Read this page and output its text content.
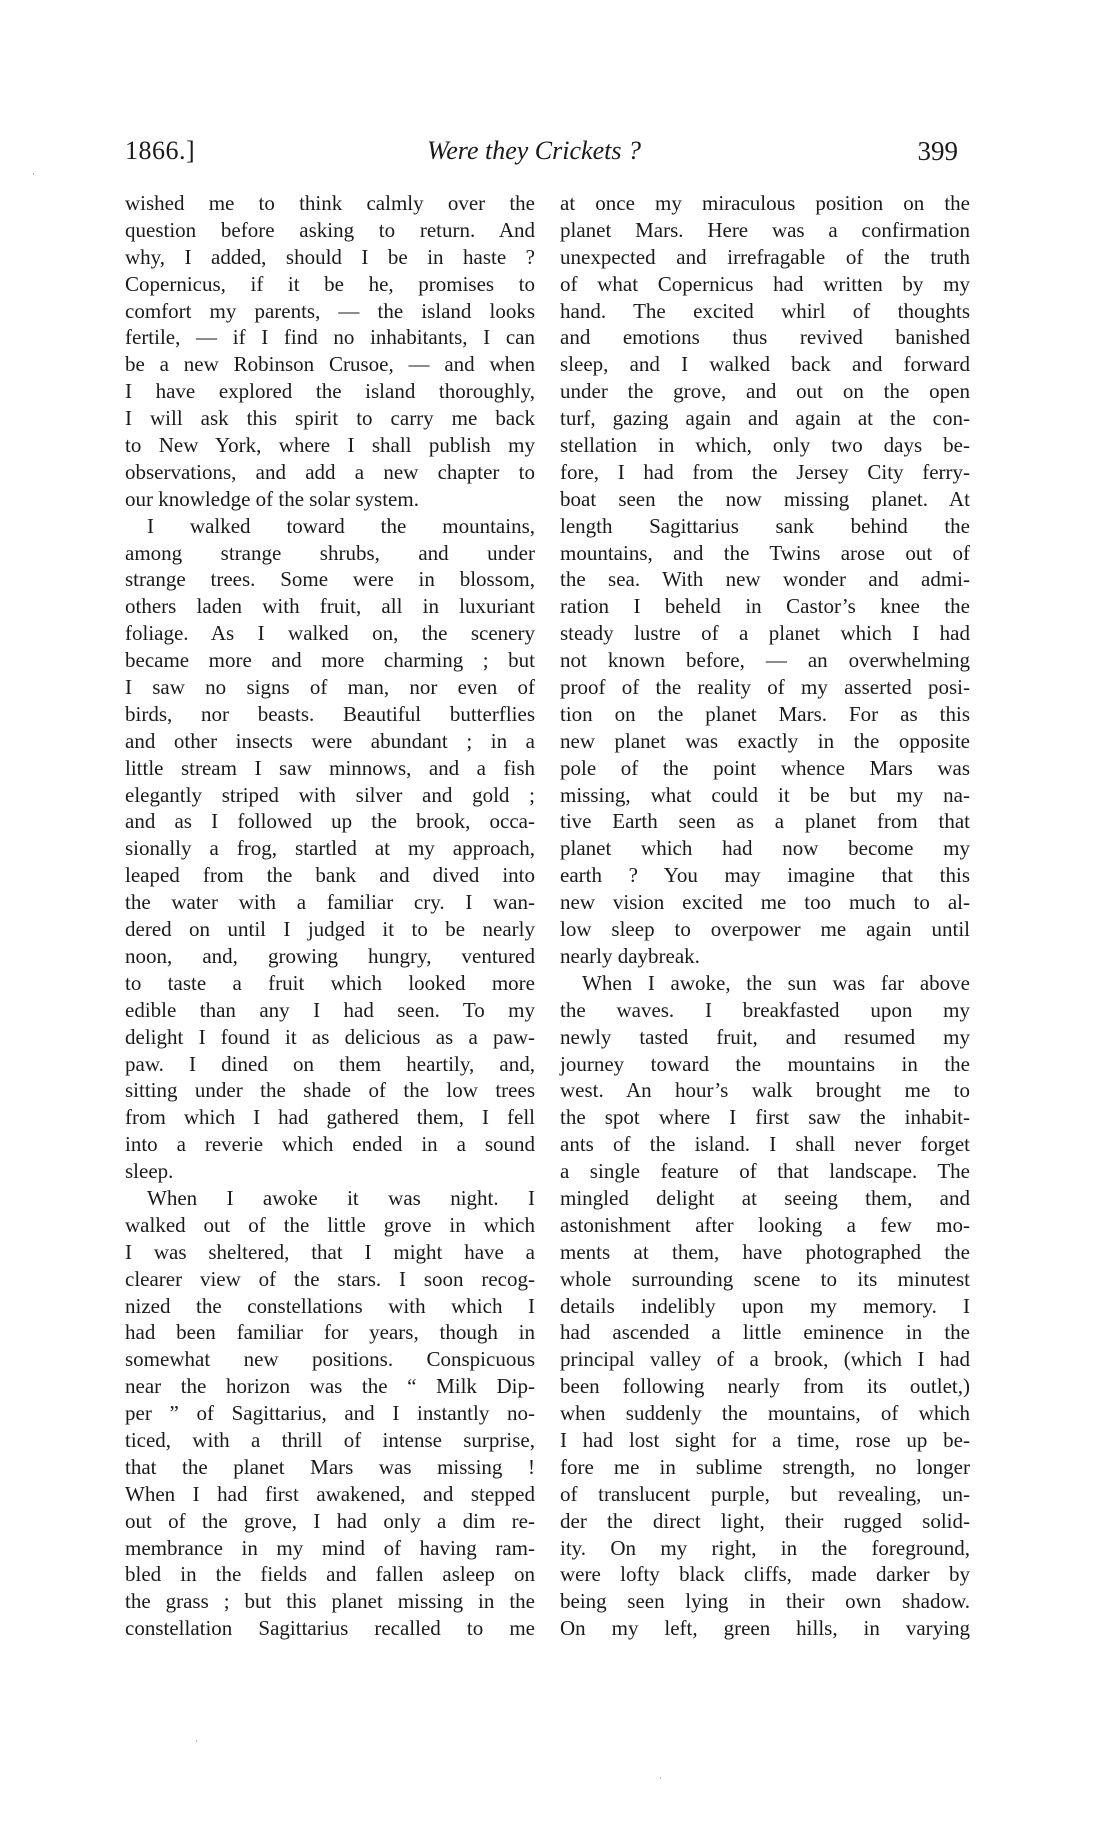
1866.]	Were they Crickets ?	399
wished me to think calmly over the
question before asking to return. And
why, I added, should I be in haste ?
Copernicus, if it be he, promises to
comfort my parents, — the island looks
fertile, — if I find no inhabitants, I can
be a new Robinson Crusoe, — and when
I have explored the island thoroughly,
I will ask this spirit to carry me back
to New York, where I shall publish my
observations, and add a new chapter to
our knowledge of the solar system.
I walked toward the mountains,
among strange shrubs, and under
strange trees. Some were in blossom,
others laden with fruit, all in luxuriant
foliage. As I walked on, the scenery
became more and more charming ; but
I saw no signs of man, nor even of
birds, nor beasts. Beautiful butterflies
and other insects were abundant ; in a
little stream I saw minnows, and a fish
elegantly striped with silver and gold ;
and as I followed up the brook, occa-
sionally a frog, startled at my approach,
leaped from the bank and dived into
the water with a familiar cry. I wan-
dered on until I judged it to be nearly
noon, and, growing hungry, ventured
to taste a fruit which looked more
edible than any I had seen. To my
delight I found it as delicious as a paw-
paw. I dined on them heartily, and,
sitting under the shade of the low trees
from which I had gathered them, I fell
into a reverie which ended in a sound
sleep.
When I awoke it was night. I
walked out of the little grove in which
I was sheltered, that I might have a
clearer view of the stars. I soon recog-
nized the constellations with which I
had been familiar for years, though in
somewhat new positions. Conspicuous
near the horizon was the “ Milk Dip-
per ” of Sagittarius, and I instantly no-
ticed, with a thrill of intense surprise,
that the planet Mars was missing !
When I had first awakened, and stepped
out of the grove, I had only a dim re-
membrance in my mind of having ram-
bled in the fields and fallen asleep on
the grass ; but this planet missing in the
constellation Sagittarius recalled to me
at once my miraculous position on the
planet Mars. Here was a confirmation
unexpected and irrefragable of the truth
of what Copernicus had written by my
hand. The excited whirl of thoughts
and emotions thus revived banished
sleep, and I walked back and forward
under the grove, and out on the open
turf, gazing again and again at the con-
stellation in which, only two days be-
fore, I had from the Jersey City ferry-
boat seen the now missing planet. At
length Sagittarius sank behind the
mountains, and the Twins arose out of
the sea. With new wonder and admi-
ration I beheld in Castor’s knee the
steady lustre of a planet which I had
not known before, — an overwhelming
proof of the reality of my asserted posi-
tion on the planet Mars. For as this
new planet was exactly in the opposite
pole of the point whence Mars was
missing, what could it be but my na-
tive Earth seen as a planet from that
planet which had now become my
earth ? You may imagine that this
new vision excited me too much to al-
low sleep to overpower me again until
nearly daybreak.
When I awoke, the sun was far above
the waves. I breakfasted upon my
newly tasted fruit, and resumed my
journey toward the mountains in the
west. An hour’s walk brought me to
the spot where I first saw the inhabit-
ants of the island. I shall never forget
a single feature of that landscape. The
mingled delight at seeing them, and
astonishment after looking a few mo-
ments at them, have photographed the
whole surrounding scene to its minutest
details indelibly upon my memory. I
had ascended a little eminence in the
principal valley of a brook, (which I had
been following nearly from its outlet,)
when suddenly the mountains, of which
I had lost sight for a time, rose up be-
fore me in sublime strength, no longer
of translucent purple, but revealing, un-
der the direct light, their rugged solid-
ity. On my right, in the foreground,
were lofty black cliffs, made darker by
being seen lying in their own shadow.
On my left, green hills, in varying
